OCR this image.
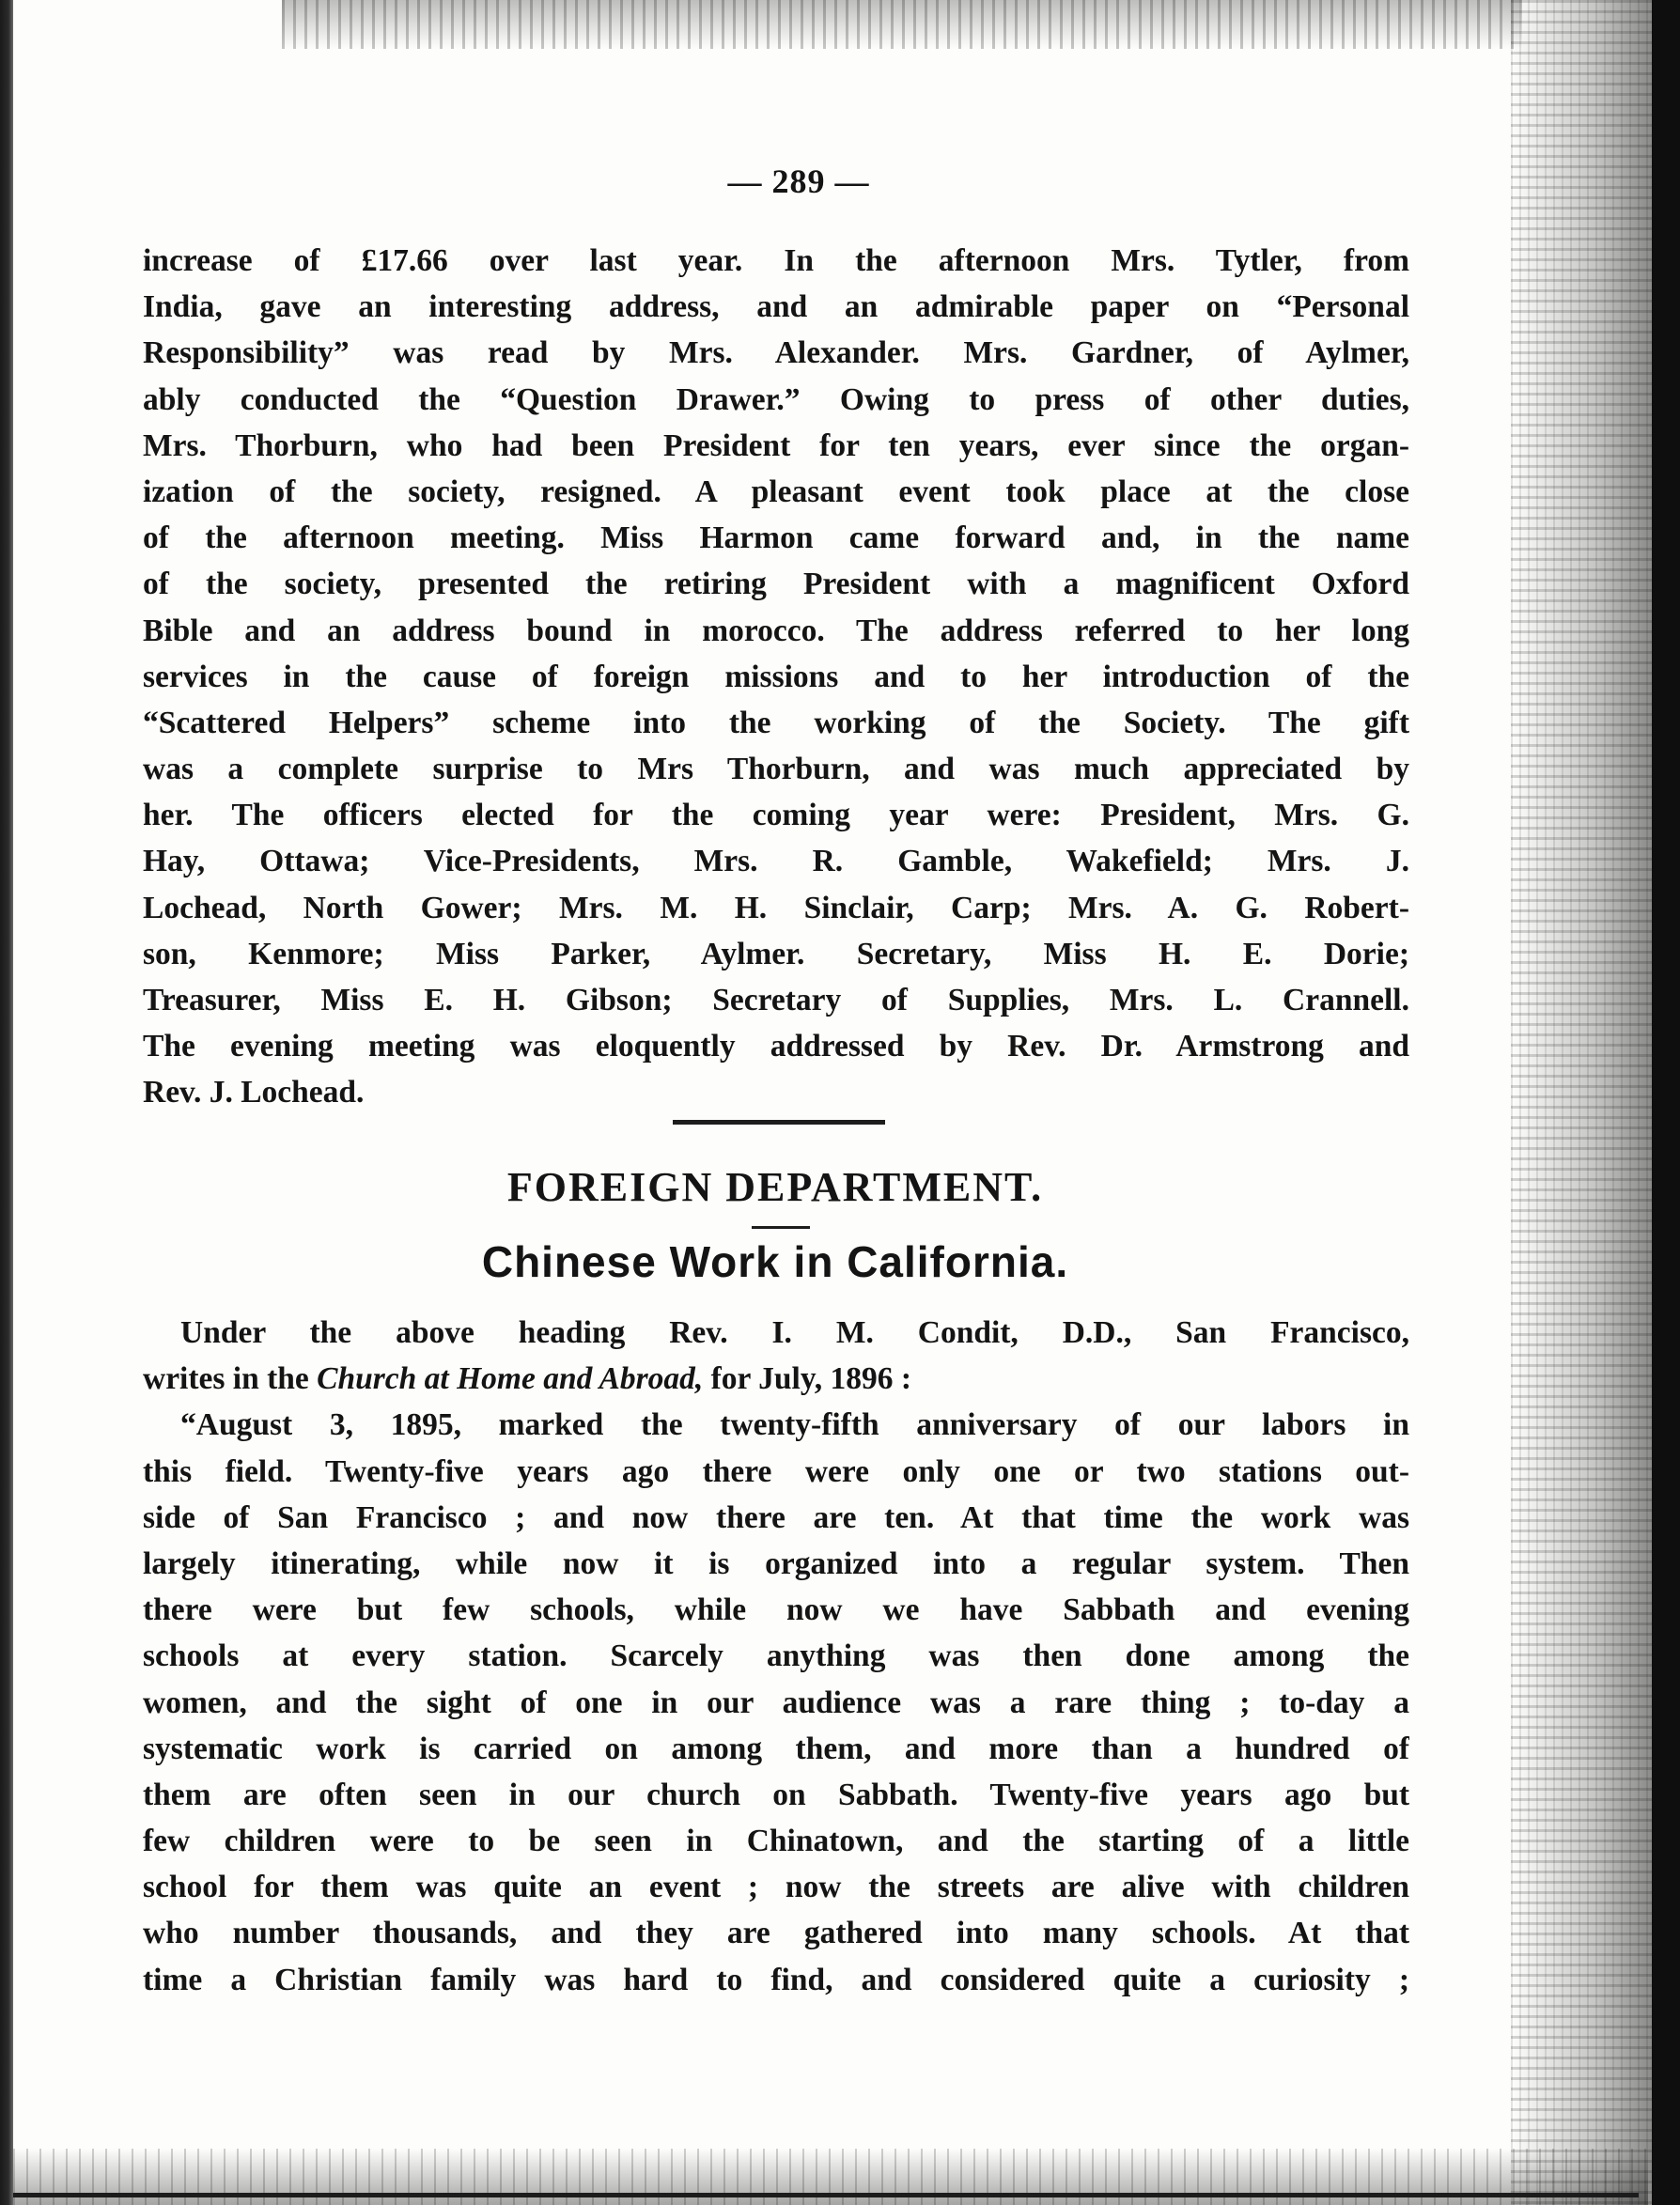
— 289 —
increase of £17.66 over last year. In the afternoon Mrs. Tytler, from
India, gave an interesting address, and an admirable paper on “Personal
Responsibility” was read by Mrs. Alexander. Mrs. Gardner, of Aylmer,
ably conducted the “Question Drawer.” Owing to press of other duties,
Mrs. Thorburn, who had been President for ten years, ever since the organ-
ization of the society, resigned. A pleasant event took place at the close
of the afternoon meeting. Miss Harmon came forward and, in the name
of the society, presented the retiring President with a magnificent Oxford
Bible and an address bound in morocco. The address referred to her long
services in the cause of foreign missions and to her introduction of the
“Scattered Helpers” scheme into the working of the Society. The gift
was a complete surprise to Mrs Thorburn, and was much appreciated by
her. The officers elected for the coming year were: President, Mrs. G.
Hay, Ottawa; Vice-Presidents, Mrs. R. Gamble, Wakefield; Mrs. J.
Lochead, North Gower; Mrs. M. H. Sinclair, Carp; Mrs. A. G. Robert-
son, Kenmore; Miss Parker, Aylmer. Secretary, Miss H. E. Dorie;
Treasurer, Miss E. H. Gibson; Secretary of Supplies, Mrs. L. Crannell.
The evening meeting was eloquently addressed by Rev. Dr. Armstrong and
Rev. J. Lochead.
FOREIGN DEPARTMENT.
Chinese Work in California.
Under the above heading Rev. I. M. Condit, D.D., San Francisco,
writes in the Church at Home and Abroad, for July, 1896 :
“August 3, 1895, marked the twenty-fifth anniversary of our labors in
this field. Twenty-five years ago there were only one or two stations out-
side of San Francisco ; and now there are ten. At that time the work was
largely itinerating, while now it is organized into a regular system. Then
there were but few schools, while now we have Sabbath and evening
schools at every station. Scarcely anything was then done among the
women, and the sight of one in our audience was a rare thing ; to-day a
systematic work is carried on among them, and more than a hundred of
them are often seen in our church on Sabbath. Twenty-five years ago but
few children were to be seen in Chinatown, and the starting of a little
school for them was quite an event ; now the streets are alive with children
who number thousands, and they are gathered into many schools. At that
time a Christian family was hard to find, and considered quite a curiosity ;
